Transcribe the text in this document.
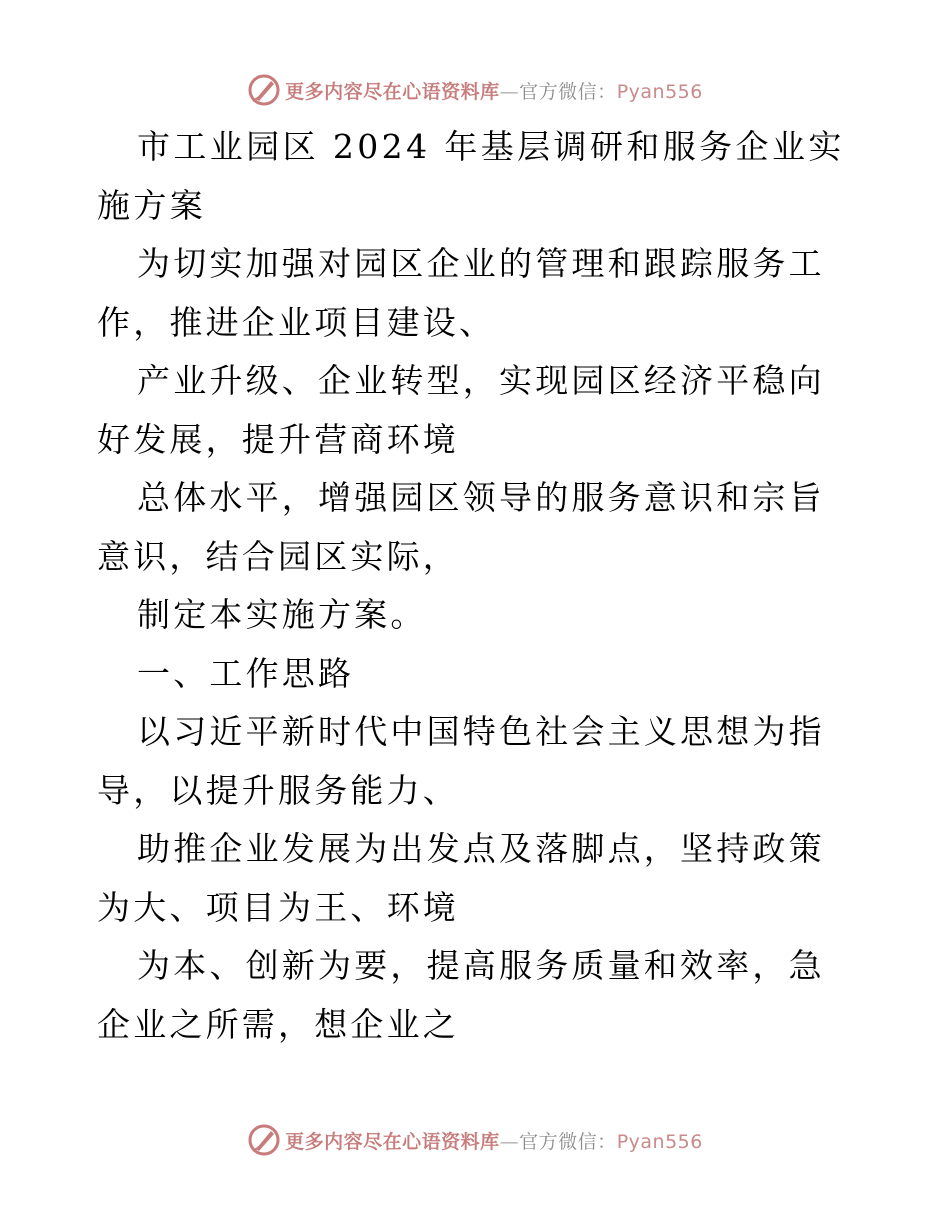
更多内容尽在心语资料库—官方微信：Pyan556

市工业园区 2024 年基层调研和服务企业实施方案

为切实加强对园区企业的管理和跟踪服务工作，推进企业项目建设、

产业升级、企业转型，实现园区经济平稳向好发展，提升营商环境

总体水平，增强园区领导的服务意识和宗旨意识，结合园区实际，

制定本实施方案。

一、工作思路

以习近平新时代中国特色社会主义思想为指导，以提升服务能力、

助推企业发展为出发点及落脚点，坚持政策为大、项目为王、环境

为本、创新为要，提高服务质量和效率，急企业之所需，想企业之

更多内容尽在心语资料库—官方微信：Pyan556
